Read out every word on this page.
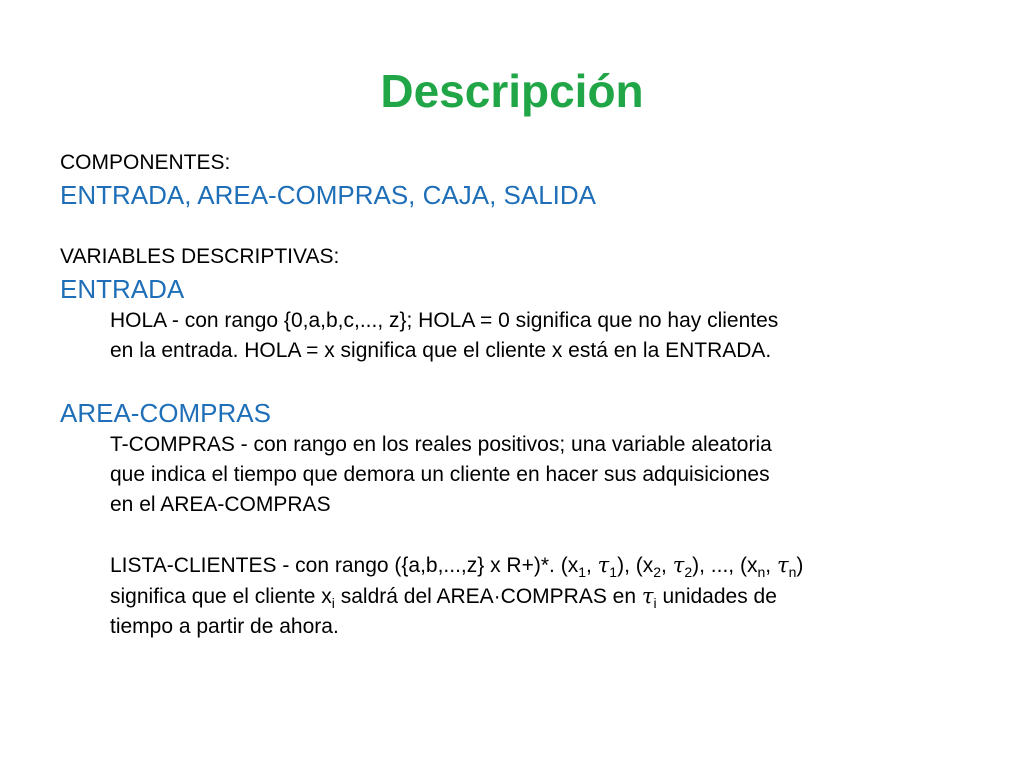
Descripción
COMPONENTES:
ENTRADA, AREA-COMPRAS, CAJA, SALIDA
VARIABLES DESCRIPTIVAS:
ENTRADA
HOLA - con rango {0,a,b,c,..., z}; HOLA = 0 significa que no hay clientes
en la entrada. HOLA = x significa que el cliente x está en la ENTRADA.
AREA-COMPRAS
T-COMPRAS - con rango en los reales positivos; una variable aleatoria
que indica el tiempo que demora un cliente en hacer sus adquisiciones
en el AREA-COMPRAS
LISTA-CLIENTES - con rango ({a,b,...,z} x R+)*. ($x_1$, $\tau_1$), ($x_2$, $\tau_2$), ..., ($x_n$, $\tau_n$)
significa que el cliente $x_i$ saldrá del AREA·COMPRAS en $\tau_i$ unidades de
tiempo a partir de ahora.
